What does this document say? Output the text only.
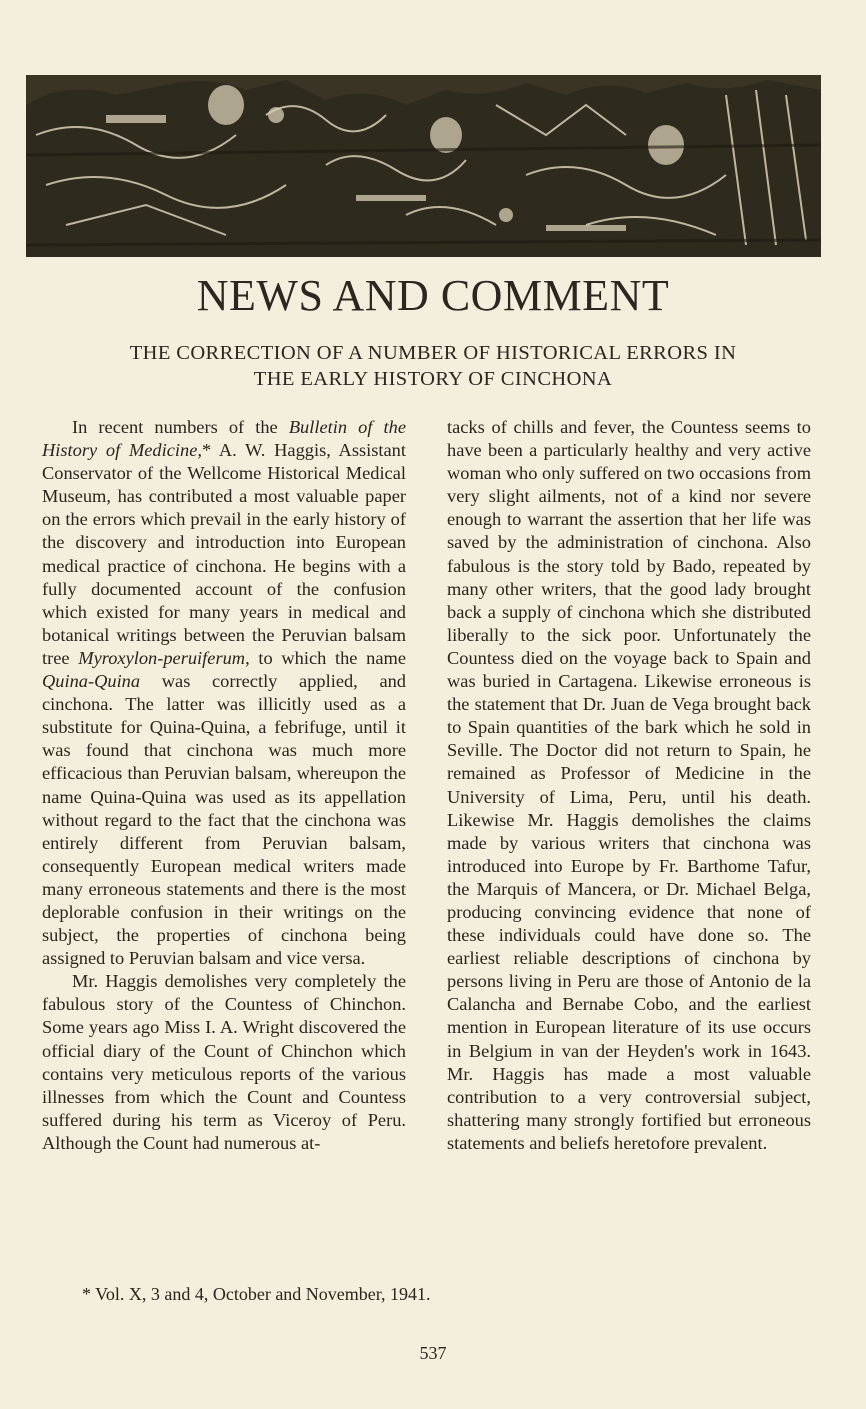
NEWS AND COMMENT
THE CORRECTION OF A NUMBER OF HISTORICAL ERRORS IN
THE EARLY HISTORY OF CINCHONA

In recent numbers of the Bulletin of the History of Medicine,* A. W. Haggis, Assistant Conservator of the Wellcome Historical Medical Museum, has contributed a most valuable paper on the errors which prevail in the early history of the discovery and introduction into European medical practice of cinchona. He begins with a fully documented account of the confusion which existed for many years in medical and botanical writings between the Peruvian balsam tree Myroxylon-peruiferum, to which the name Quina-Quina was correctly applied, and cinchona. The latter was illicitly used as a substitute for Quina-Quina, a febrifuge, until it was found that cinchona was much more efficacious than Peruvian balsam, whereupon the name Quina-Quina was used as its appellation without regard to the fact that the cinchona was entirely different from Peruvian balsam, consequently European medical writers made many erroneous statements and there is the most deplorable confusion in their writings on the subject, the properties of cinchona being assigned to Peruvian balsam and vice versa.

Mr. Haggis demolishes very completely the fabulous story of the Countess of Chinchon. Some years ago Miss I. A. Wright discovered the official diary of the Count of Chinchon which contains very meticulous reports of the various illnesses from which the Count and Countess suffered during his term as Viceroy of Peru. Although the Count had numerous at-

tacks of chills and fever, the Countess seems to have been a particularly healthy and very active woman who only suffered on two occasions from very slight ailments, not of a kind nor severe enough to warrant the assertion that her life was saved by the administration of cinchona. Also fabulous is the story told by Bado, repeated by many other writers, that the good lady brought back a supply of cinchona which she distributed liberally to the sick poor. Unfortunately the Countess died on the voyage back to Spain and was buried in Cartagena. Likewise erroneous is the statement that Dr. Juan de Vega brought back to Spain quantities of the bark which he sold in Seville. The Doctor did not return to Spain, he remained as Professor of Medicine in the University of Lima, Peru, until his death. Likewise Mr. Haggis demolishes the claims made by various writers that cinchona was introduced into Europe by Fr. Barthome Tafur, the Marquis of Mancera, or Dr. Michael Belga, producing convincing evidence that none of these individuals could have done so. The earliest reliable descriptions of cinchona by persons living in Peru are those of Antonio de la Calancha and Bernabe Cobo, and the earliest mention in European literature of its use occurs in Belgium in van der Heyden's work in 1643. Mr. Haggis has made a most valuable contribution to a very controversial subject, shattering many strongly fortified but erroneous statements and beliefs heretofore prevalent.

* Vol. X, 3 and 4, October and November, 1941.
537
